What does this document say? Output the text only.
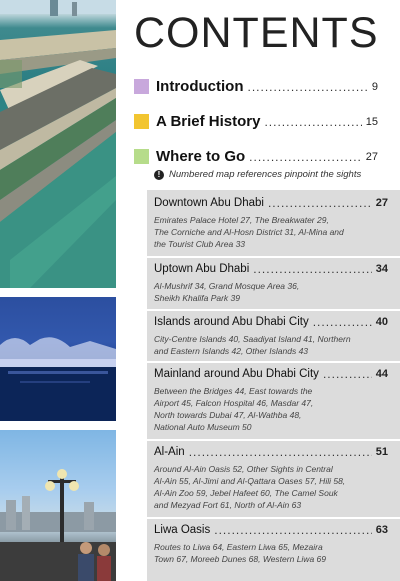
CONTENTS
Introduction .....	9
A Brief History .....	15
Where to Go .....	27
! Numbered map references pinpoint the sights
Downtown Abu Dhabi .....	27
Emirates Palace Hotel 27, The Breakwater 29,
The Corniche and Al-Hosn District 31, Al-Mina and
the Tourist Club Area 33
Uptown Abu Dhabi .....	34
Al-Mushrif 34, Grand Mosque Area 36,
Sheikh Khalifa Park 39
Islands around Abu Dhabi City .....	40
City-Centre Islands 40, Saadiyat Island 41, Northern
and Eastern Islands 42, Other Islands 43
Mainland around Abu Dhabi City .....	44
Between the Bridges 44, East towards the
Airport 45, Falcon Hospital 46, Masdar 47,
North towards Dubai 47, Al-Wathba 48,
National Auto Museum 50
Al-Ain .....	51
Around Al-Ain Oasis 52, Other Sights in Central
Al-Ain 55, Al-Jimi and Al-Qattara Oases 57, Hili 58,
Al-Ain Zoo 59, Jebel Hafeet 60, The Camel Souk
and Mezyad Fort 61, North of Al-Ain 63
Liwa Oasis .....	63
Routes to Liwa 64, Eastern Liwa 65, Mezaira
Town 67, Moreeb Dunes 68, Western Liwa 69
